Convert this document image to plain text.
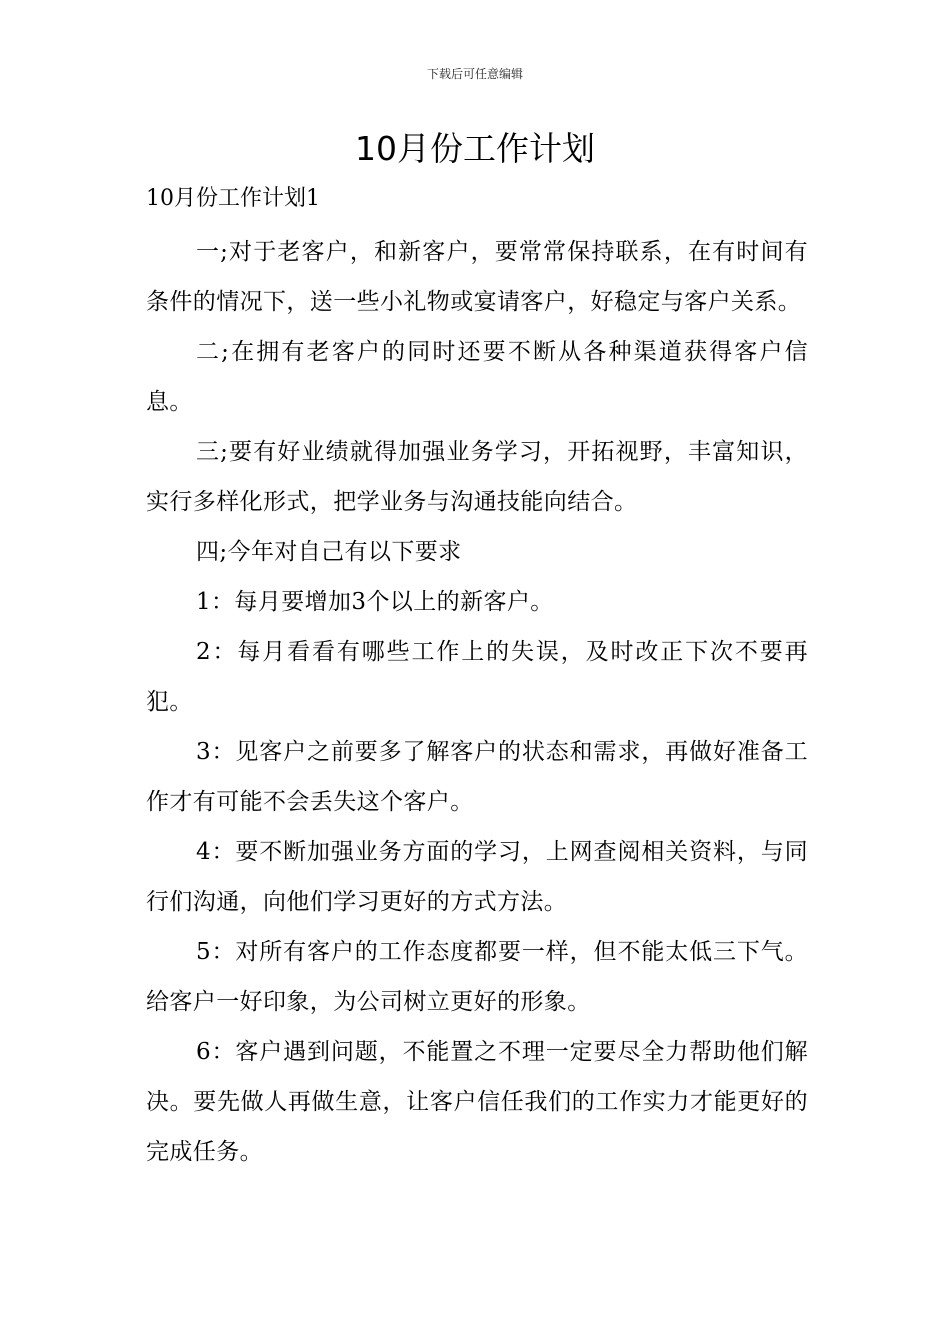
下载后可任意编辑
10月份工作计划

10月份工作计划1

一;对于老客户，和新客户，要常常保持联系，在有时间有条件的情况下，送一些小礼物或宴请客户，好稳定与客户关系。

二;在拥有老客户的同时还要不断从各种渠道获得客户信息。

三;要有好业绩就得加强业务学习，开拓视野，丰富知识，实行多样化形式，把学业务与沟通技能向结合。

四;今年对自己有以下要求

1：每月要增加3个以上的新客户。

2：每月看看有哪些工作上的失误，及时改正下次不要再犯。

3：见客户之前要多了解客户的状态和需求，再做好准备工作才有可能不会丢失这个客户。

4：要不断加强业务方面的学习，上网查阅相关资料，与同行们沟通，向他们学习更好的方式方法。

5：对所有客户的工作态度都要一样，但不能太低三下气。给客户一好印象，为公司树立更好的形象。

6：客户遇到问题，不能置之不理一定要尽全力帮助他们解决。要先做人再做生意，让客户信任我们的工作实力才能更好的完成任务。
